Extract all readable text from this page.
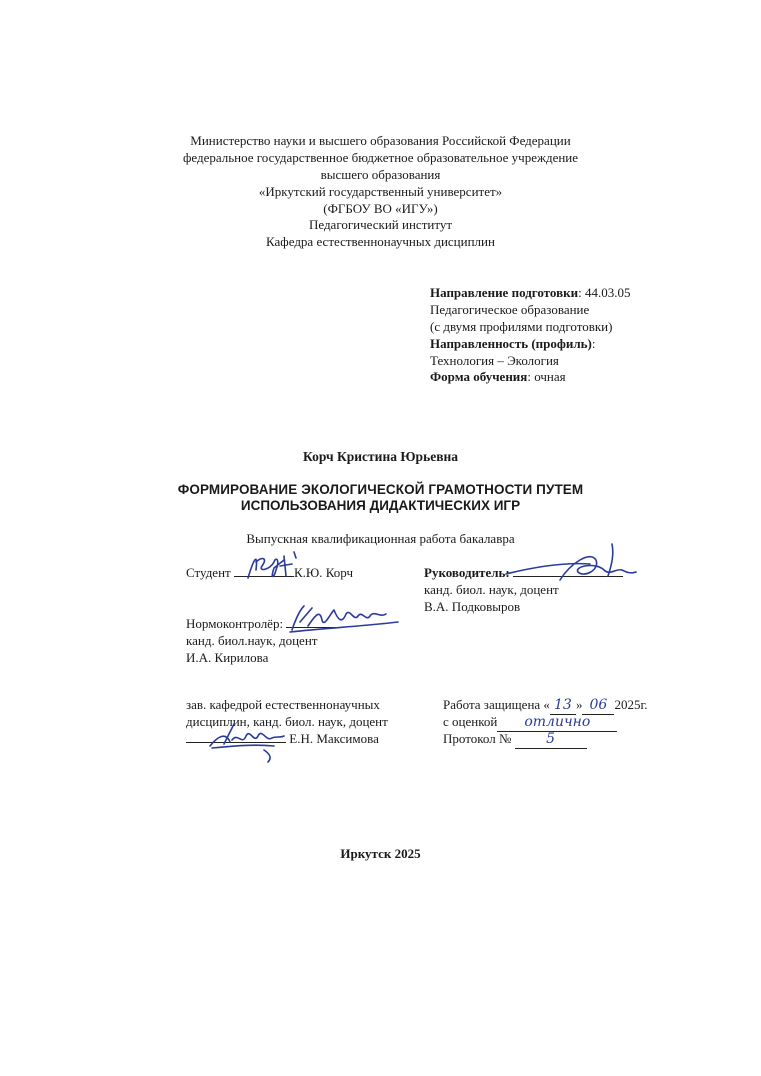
Министерство науки и высшего образования Российской Федерации
федеральное государственное бюджетное образовательное учреждение
высшего образования
«Иркутский государственный университет»
(ФГБОУ ВО «ИГУ»)
Педагогический институт
Кафедра естественнонаучных дисциплин
Направление подготовки: 44.03.05
Педагогическое образование
(с двумя профилями подготовки)
Направленность (профиль):
Технология – Экология
Форма обучения: очная
Корч Кристина Юрьевна
ФОРМИРОВАНИЕ ЭКОЛОГИЧЕСКОЙ ГРАМОТНОСТИ ПУТЕМ
ИСПОЛЬЗОВАНИЯ ДИДАКТИЧЕСКИХ ИГР
Выпускная квалификационная работа бакалавра
Студент	К.Ю. Корч	Руководитель:
канд. биол. наук, доцент
В.А. Подковыров
Нормоконтролёр:
канд. биол.наук, доцент
И.А. Кирилова
зав. кафедрой естественнонаучных
дисциплин, канд. биол. наук, доцент
Е.Н. Максимова
Работа защищена « 13 » 06 2025г.
с оценкой отлично
Протокол № 5
Иркутск 2025
